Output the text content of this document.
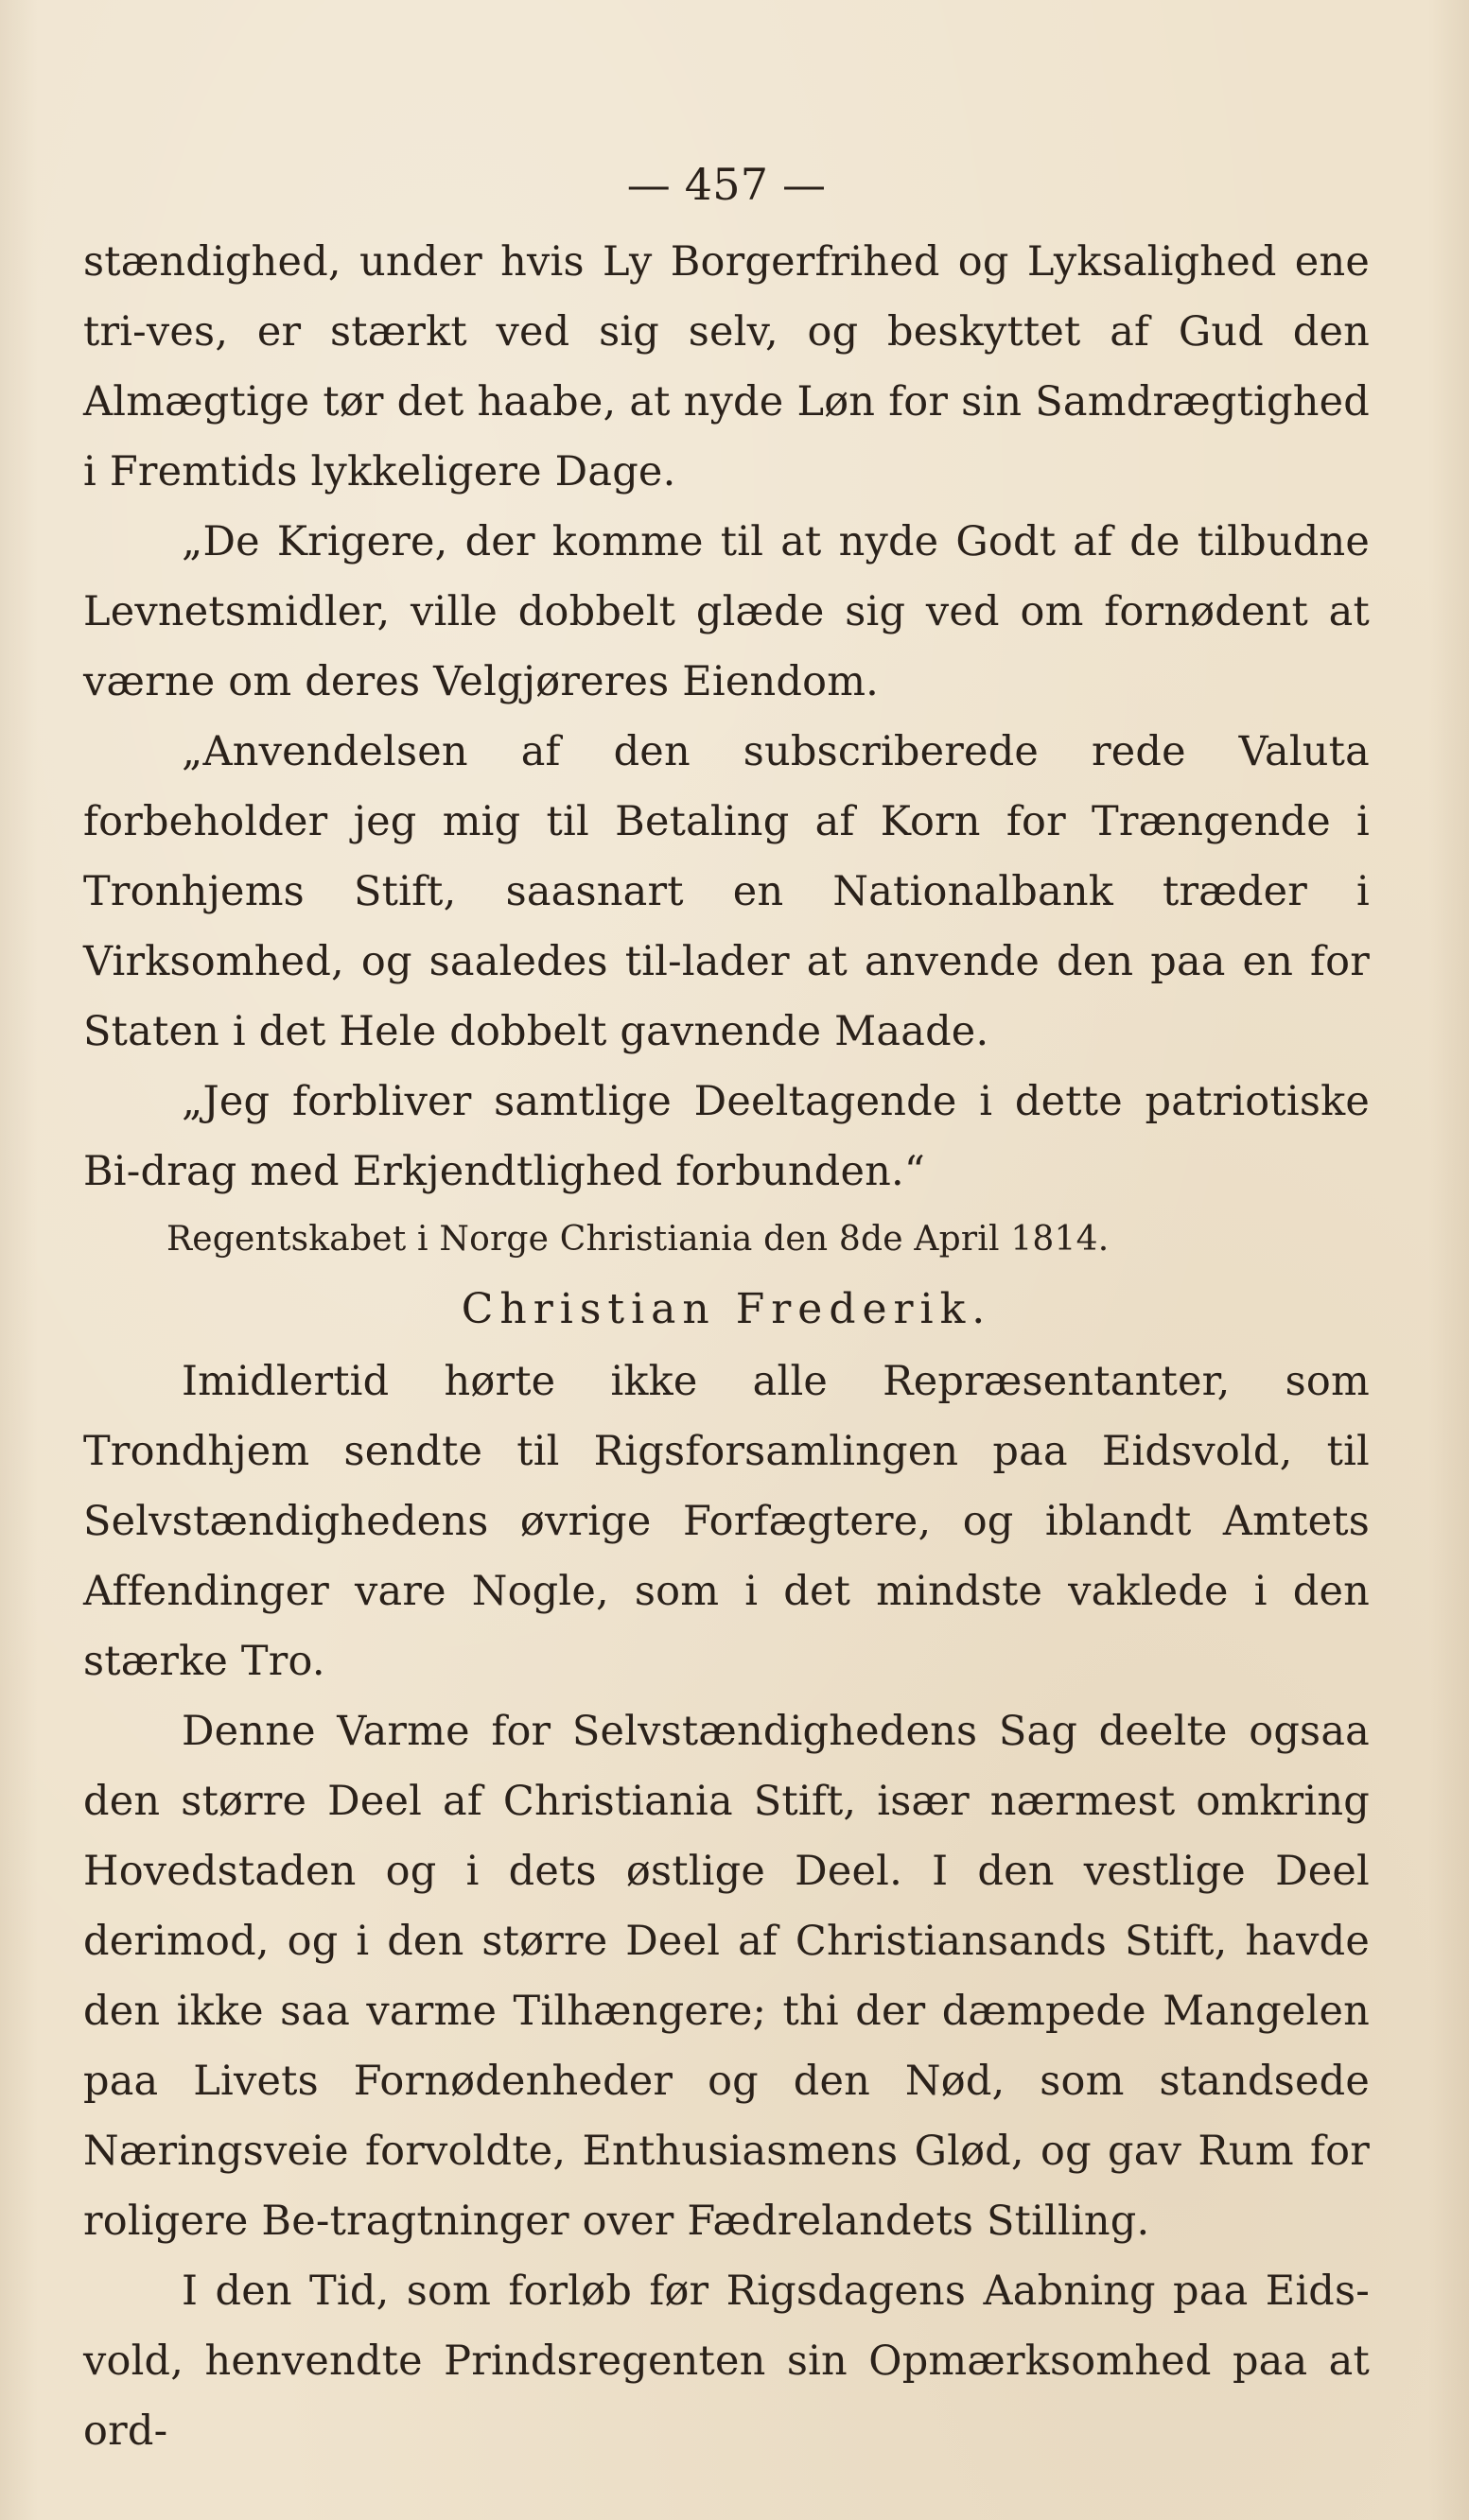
— 457 —

stændighed, under hvis Ly Borgerfrihed og Lyksalighed ene tri-ves, er stærkt ved sig selv, og beskyttet af Gud den Almægtige tør det haabe, at nyde Løn for sin Samdrægtighed i Fremtids lykkeligere Dage.

„De Krigere, der komme til at nyde Godt af de tilbudne Levnetsmidler, ville dobbelt glæde sig ved om fornødent at værne om deres Velgjøreres Eiendom.

„Anvendelsen af den subscriberede rede Valuta forbeholder jeg mig til Betaling af Korn for Trængende i Tronhjems Stift, saasnart en Nationalbank træder i Virksomhed, og saaledes til-lader at anvende den paa en for Staten i det Hele dobbelt gavnende Maade.

„Jeg forbliver samtlige Deeltagende i dette patriotiske Bi-drag med Erkjendtlighed forbunden.“

Regentskabet i Norge Christiania den 8de April 1814.

Christian Frederik.

Imidlertid hørte ikke alle Repræsentanter, som Trondhjem sendte til Rigsforsamlingen paa Eidsvold, til Selvstændighedens øvrige Forfægtere, og iblandt Amtets Affendinger vare Nogle, som i det mindste vaklede i den stærke Tro.

Denne Varme for Selvstændighedens Sag deelte ogsaa den større Deel af Christiania Stift, især nærmest omkring Hovedstaden og i dets østlige Deel. I den vestlige Deel derimod, og i den større Deel af Christiansands Stift, havde den ikke saa varme Tilhængere; thi der dæmpede Mangelen paa Livets Fornødenheder og den Nød, som standsede Næringsveie forvoldte, Enthusiasmens Glød, og gav Rum for roligere Be-tragtninger over Fædrelandets Stilling.

I den Tid, som forløb før Rigsdagens Aabning paa Eids-vold, henvendte Prindsregenten sin Opmærksomhed paa at ord-
